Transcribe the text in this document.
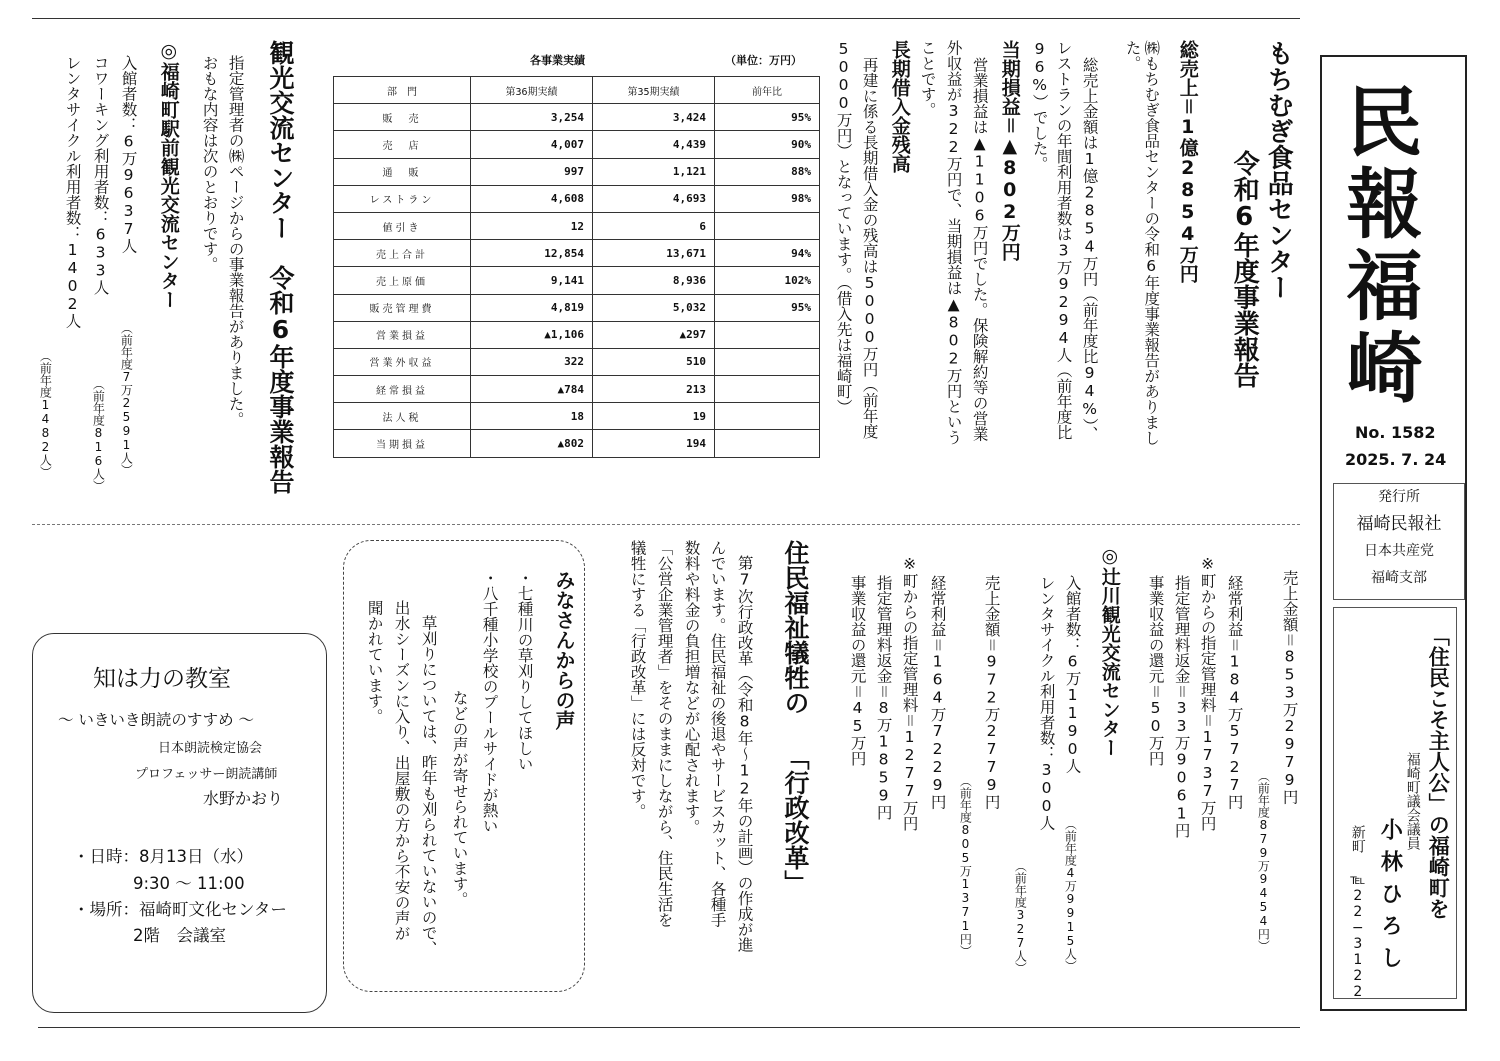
民報福崎
No. 1582
2025. 7. 24
発行所
福崎民報社
日本共産党
福崎支部
「住民こそ主人公」の福崎町を
福崎町議会議員
小林ひろし
新町
℡22−3122
もちむぎ食品センター
令和6年度事業報告
総売上＝1億2854万円
㈱もちむぎ食品センターの令和6年度事業報告がありました。
総売上金額は1億2854万円（前年度比94%）、
レストランの年間利用者数は3万9294人（前年度比
96%）でした。
当期損益＝▲802万円
営業損益は▲1106万円でした。保険解約等の営業
外収益が322万円で、当期損益は▲802万円という
ことです。
長期借入金残高
再建に係る長期借入金の残高は5000万円（前年度
5000万円）となっています。（借入先は福崎町）
各事業実績	（単位：万円）
部　門	第36期実績	第35期実績	前年比
販　売	3,254	3,424	95%
売　店	4,007	4,439	90%
通　販	997	1,121	88%
レストラン	4,608	4,693	98%
値引き	12	6	
売上合計	12,854	13,671	94%
売上原価	9,141	8,936	102%
販売管理費	4,819	5,032	95%
営業損益	▲1,106	▲297	
営業外収益	322	510	
経常損益	▲784	213	
法人税	18	19	
当期損益	▲802	194	
観光交流センター　令和6年度事業報告
指定管理者の㈱ページからの事業報告がありました。
おもな内容は次のとおりです。
◎福崎町駅前観光交流センター
入館者数：6万9637人
（前年度7万2591人）
コワーキング利用者数：633人
（前年度816人）
レンタサイクル利用者数：1402人
（前年度1482人）
売上金額＝853万2979円
（前年度879万9454円）
経常利益＝184万5727円
※町からの指定管理料＝1737万円
指定管理料返金＝33万9061円
事業収益の還元＝50万円
◎辻川観光交流センター
入館者数：6万1190人
（前年度4万9915人）
レンタサイクル利用者数：300人
（前年度327人）
売上金額＝972万2779円
（前年度805万1371円）
経常利益＝164万7229円
※町からの指定管理料＝1277万円
指定管理料返金＝8万1859円
事業収益の還元＝45万円
住民福祉犠牲の
「行政改革」
第7次行政改革（令和8年〜12年の計画）の作成が進
んでいます。住民福祉の後退やサービスカット、各種手
数料や料金の負担増などが心配されます。
「公営企業管理者」をそのままにしながら、住民生活を
犠牲にする「行政改革」には反対です。
みなさんからの声
・七種川の草刈りしてほしい
・八千種小学校のプールサイドが熱い
などの声が寄せられています。
草刈りについては、昨年も刈られていないので、
出水シーズンに入り、出屋敷の方から不安の声が
聞かれています。
知は力の教室
〜 いきいき朗読のすすめ 〜
日本朗読検定協会
プロフェッサー朗読講師
水野かおり
・日時：8月13日（水）
9:30 〜 11:00
・場所：福崎町文化センター
2階　会議室
